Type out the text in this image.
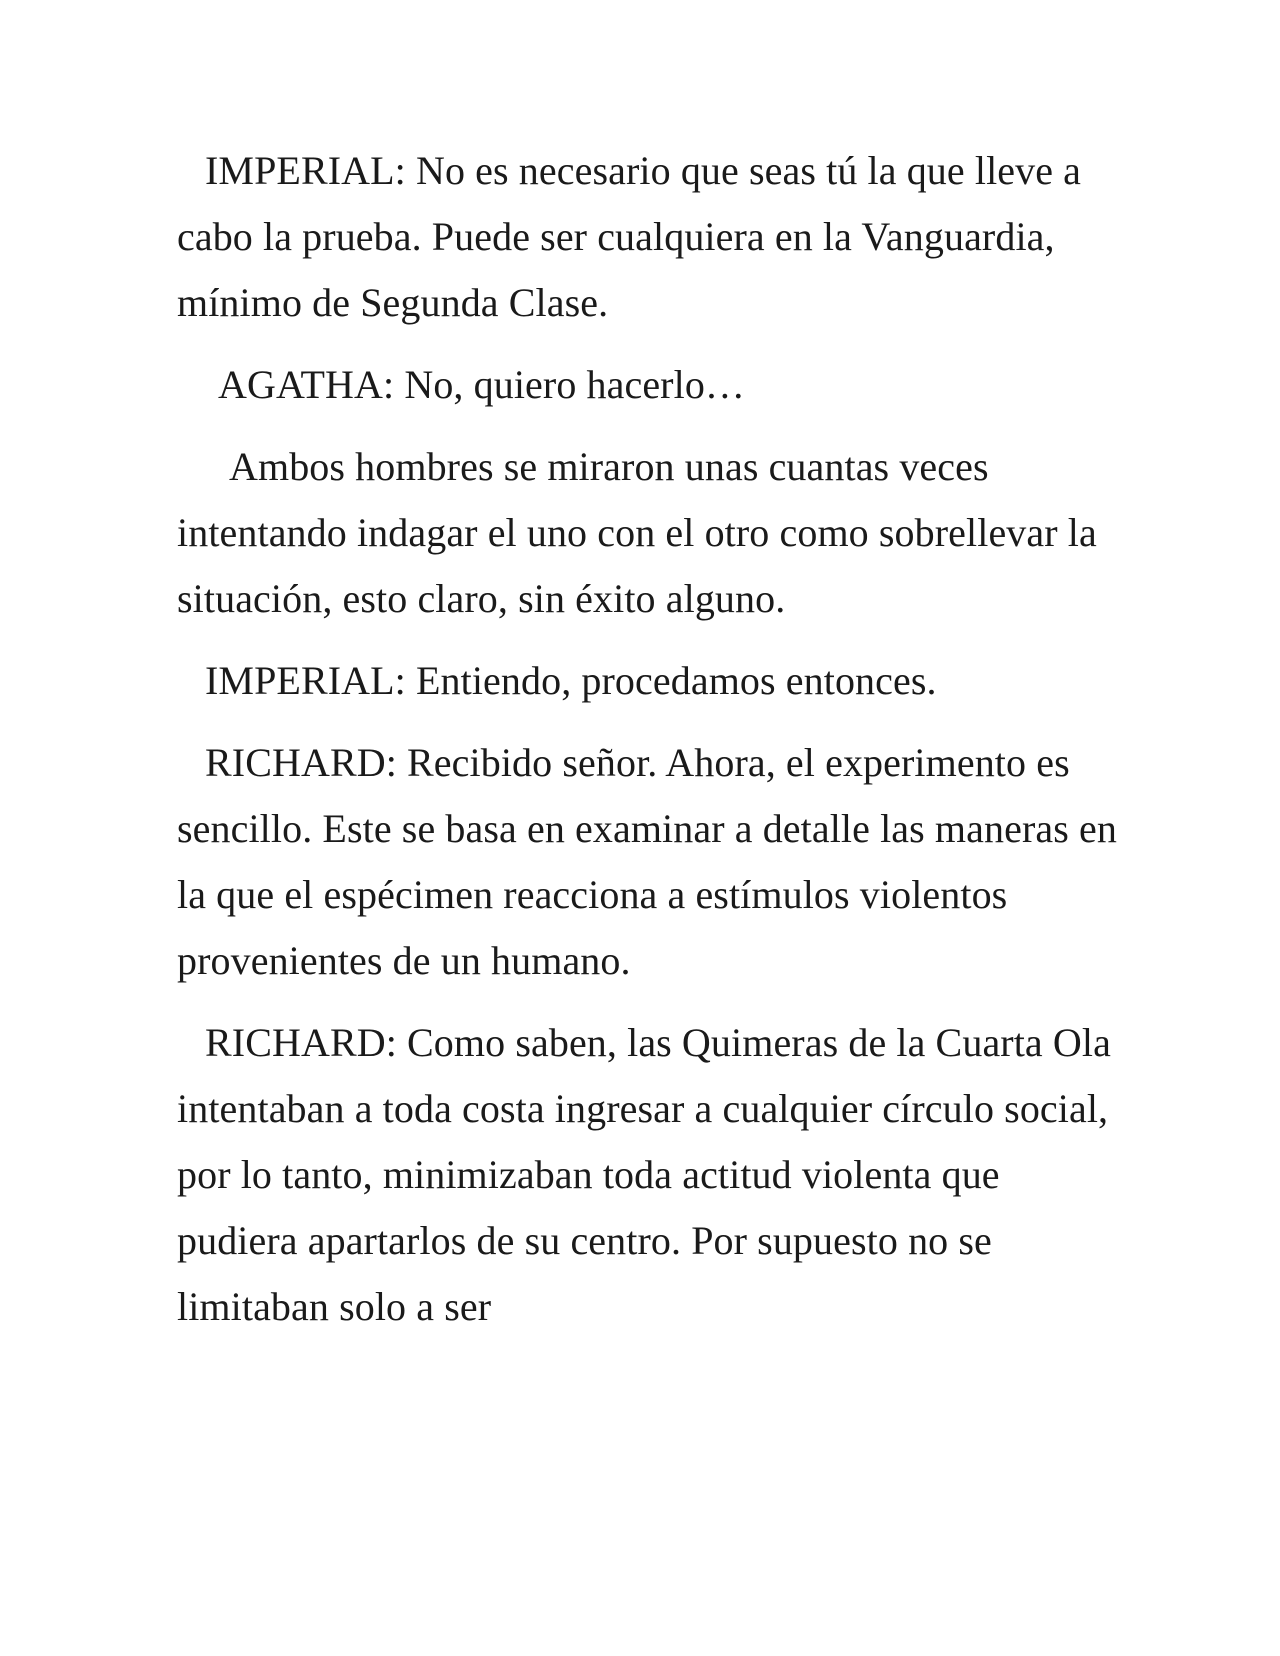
IMPERIAL: No es necesario que seas tú la que lleve a cabo la prueba. Puede ser cualquiera en la Vanguardia, mínimo de Segunda Clase.

AGATHA: No, quiero hacerlo…

Ambos hombres se miraron unas cuantas veces intentando indagar el uno con el otro como sobrellevar la situación, esto claro, sin éxito alguno.

IMPERIAL: Entiendo, procedamos entonces.

RICHARD: Recibido señor. Ahora, el experimento es sencillo. Este se basa en examinar a detalle las maneras en la que el espécimen reacciona a estímulos violentos provenientes de un humano.

RICHARD: Como saben, las Quimeras de la Cuarta Ola intentaban a toda costa ingresar a cualquier círculo social, por lo tanto, minimizaban toda actitud violenta que pudiera apartarlos de su centro. Por supuesto no se limitaban solo a ser
